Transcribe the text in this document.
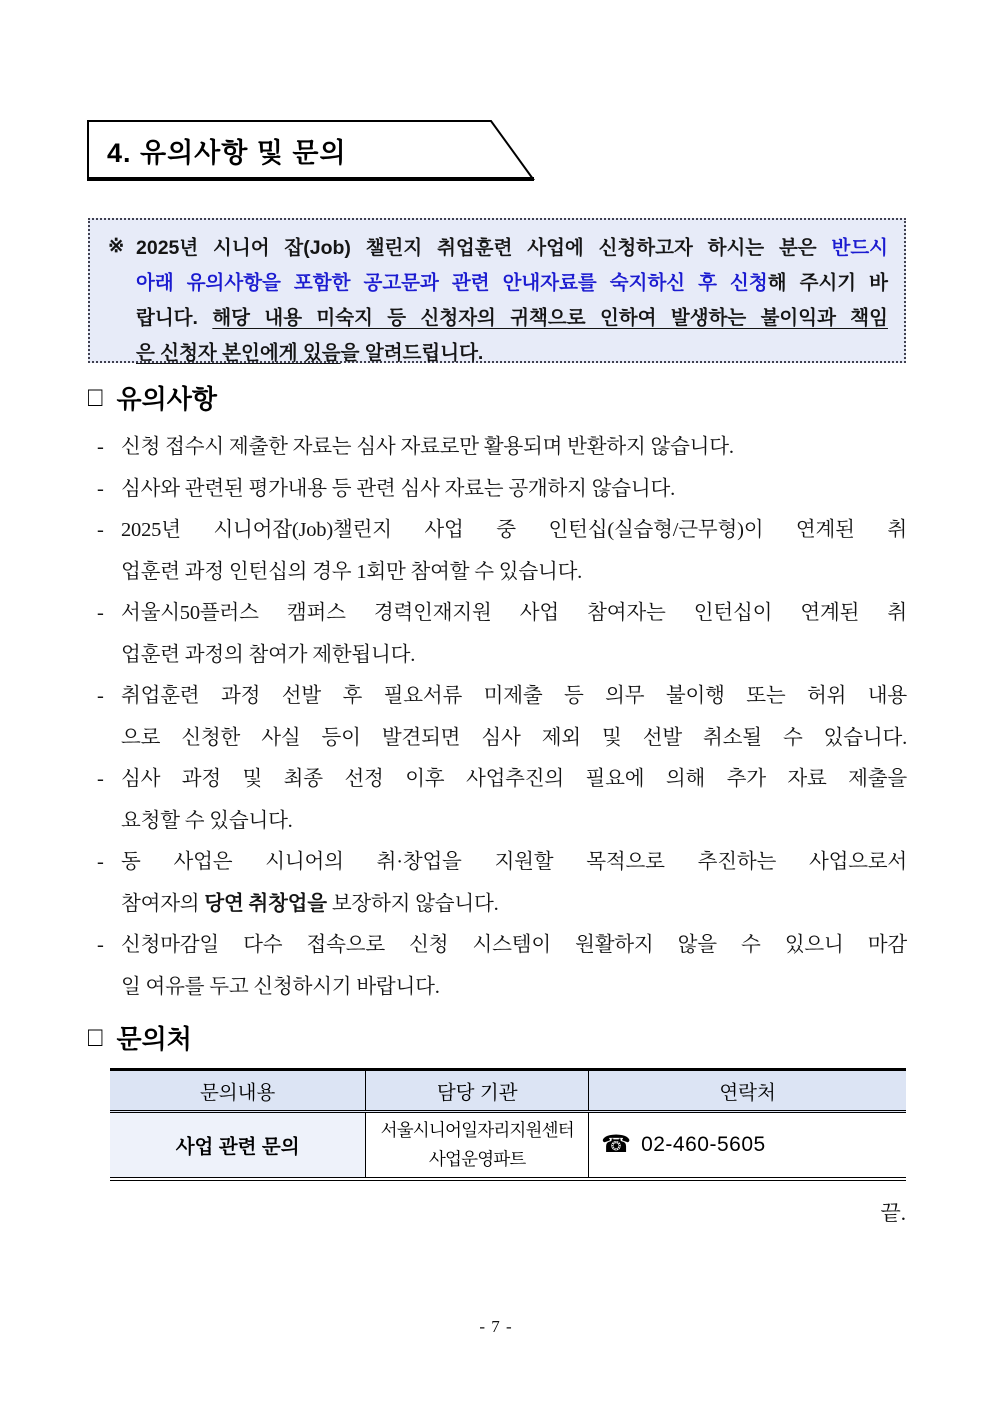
4. 유의사항 및 문의
※ 2025년 시니어 잡(Job) 챌린지 취업훈련 사업에 신청하고자 하시는 분은 반드시
아래 유의사항을 포함한 공고문과 관련 안내자료를 숙지하신 후 신청해 주시기 바
랍니다. 해당 내용 미숙지 등 신청자의 귀책으로 인하여 발생하는 불이익과 책임
은 신청자 본인에게 있음을 알려드립니다.
□ 유의사항
- 신청 접수시 제출한 자료는 심사 자료로만 활용되며 반환하지 않습니다.
- 심사와 관련된 평가내용 등 관련 심사 자료는 공개하지 않습니다.
- 2025년 시니어잡(Job)챌린지 사업 중 인턴십(실습형/근무형)이 연계된 취
업훈련 과정 인턴십의 경우 1회만 참여할 수 있습니다.
- 서울시50플러스 캠퍼스 경력인재지원 사업 참여자는 인턴십이 연계된 취
업훈련 과정의 참여가 제한됩니다.
- 취업훈련 과정 선발 후 필요서류 미제출 등 의무 불이행 또는 허위 내용
으로 신청한 사실 등이 발견되면 심사 제외 및 선발 취소될 수 있습니다.
- 심사 과정 및 최종 선정 이후 사업추진의 필요에 의해 추가 자료 제출을
요청할 수 있습니다.
- 동 사업은 시니어의 취·창업을 지원할 목적으로 추진하는 사업으로서
참여자의 당연 취창업을 보장하지 않습니다.
- 신청마감일 다수 접속으로 신청 시스템이 원활하지 않을 수 있으니 마감
일 여유를 두고 신청하시기 바랍니다.
□ 문의처
문의내용	담당 기관	연락처
사업 관련 문의
서울시니어일자리지원센터
사업운영파트
☎ 02-460-5605
끝.
- 7 -
